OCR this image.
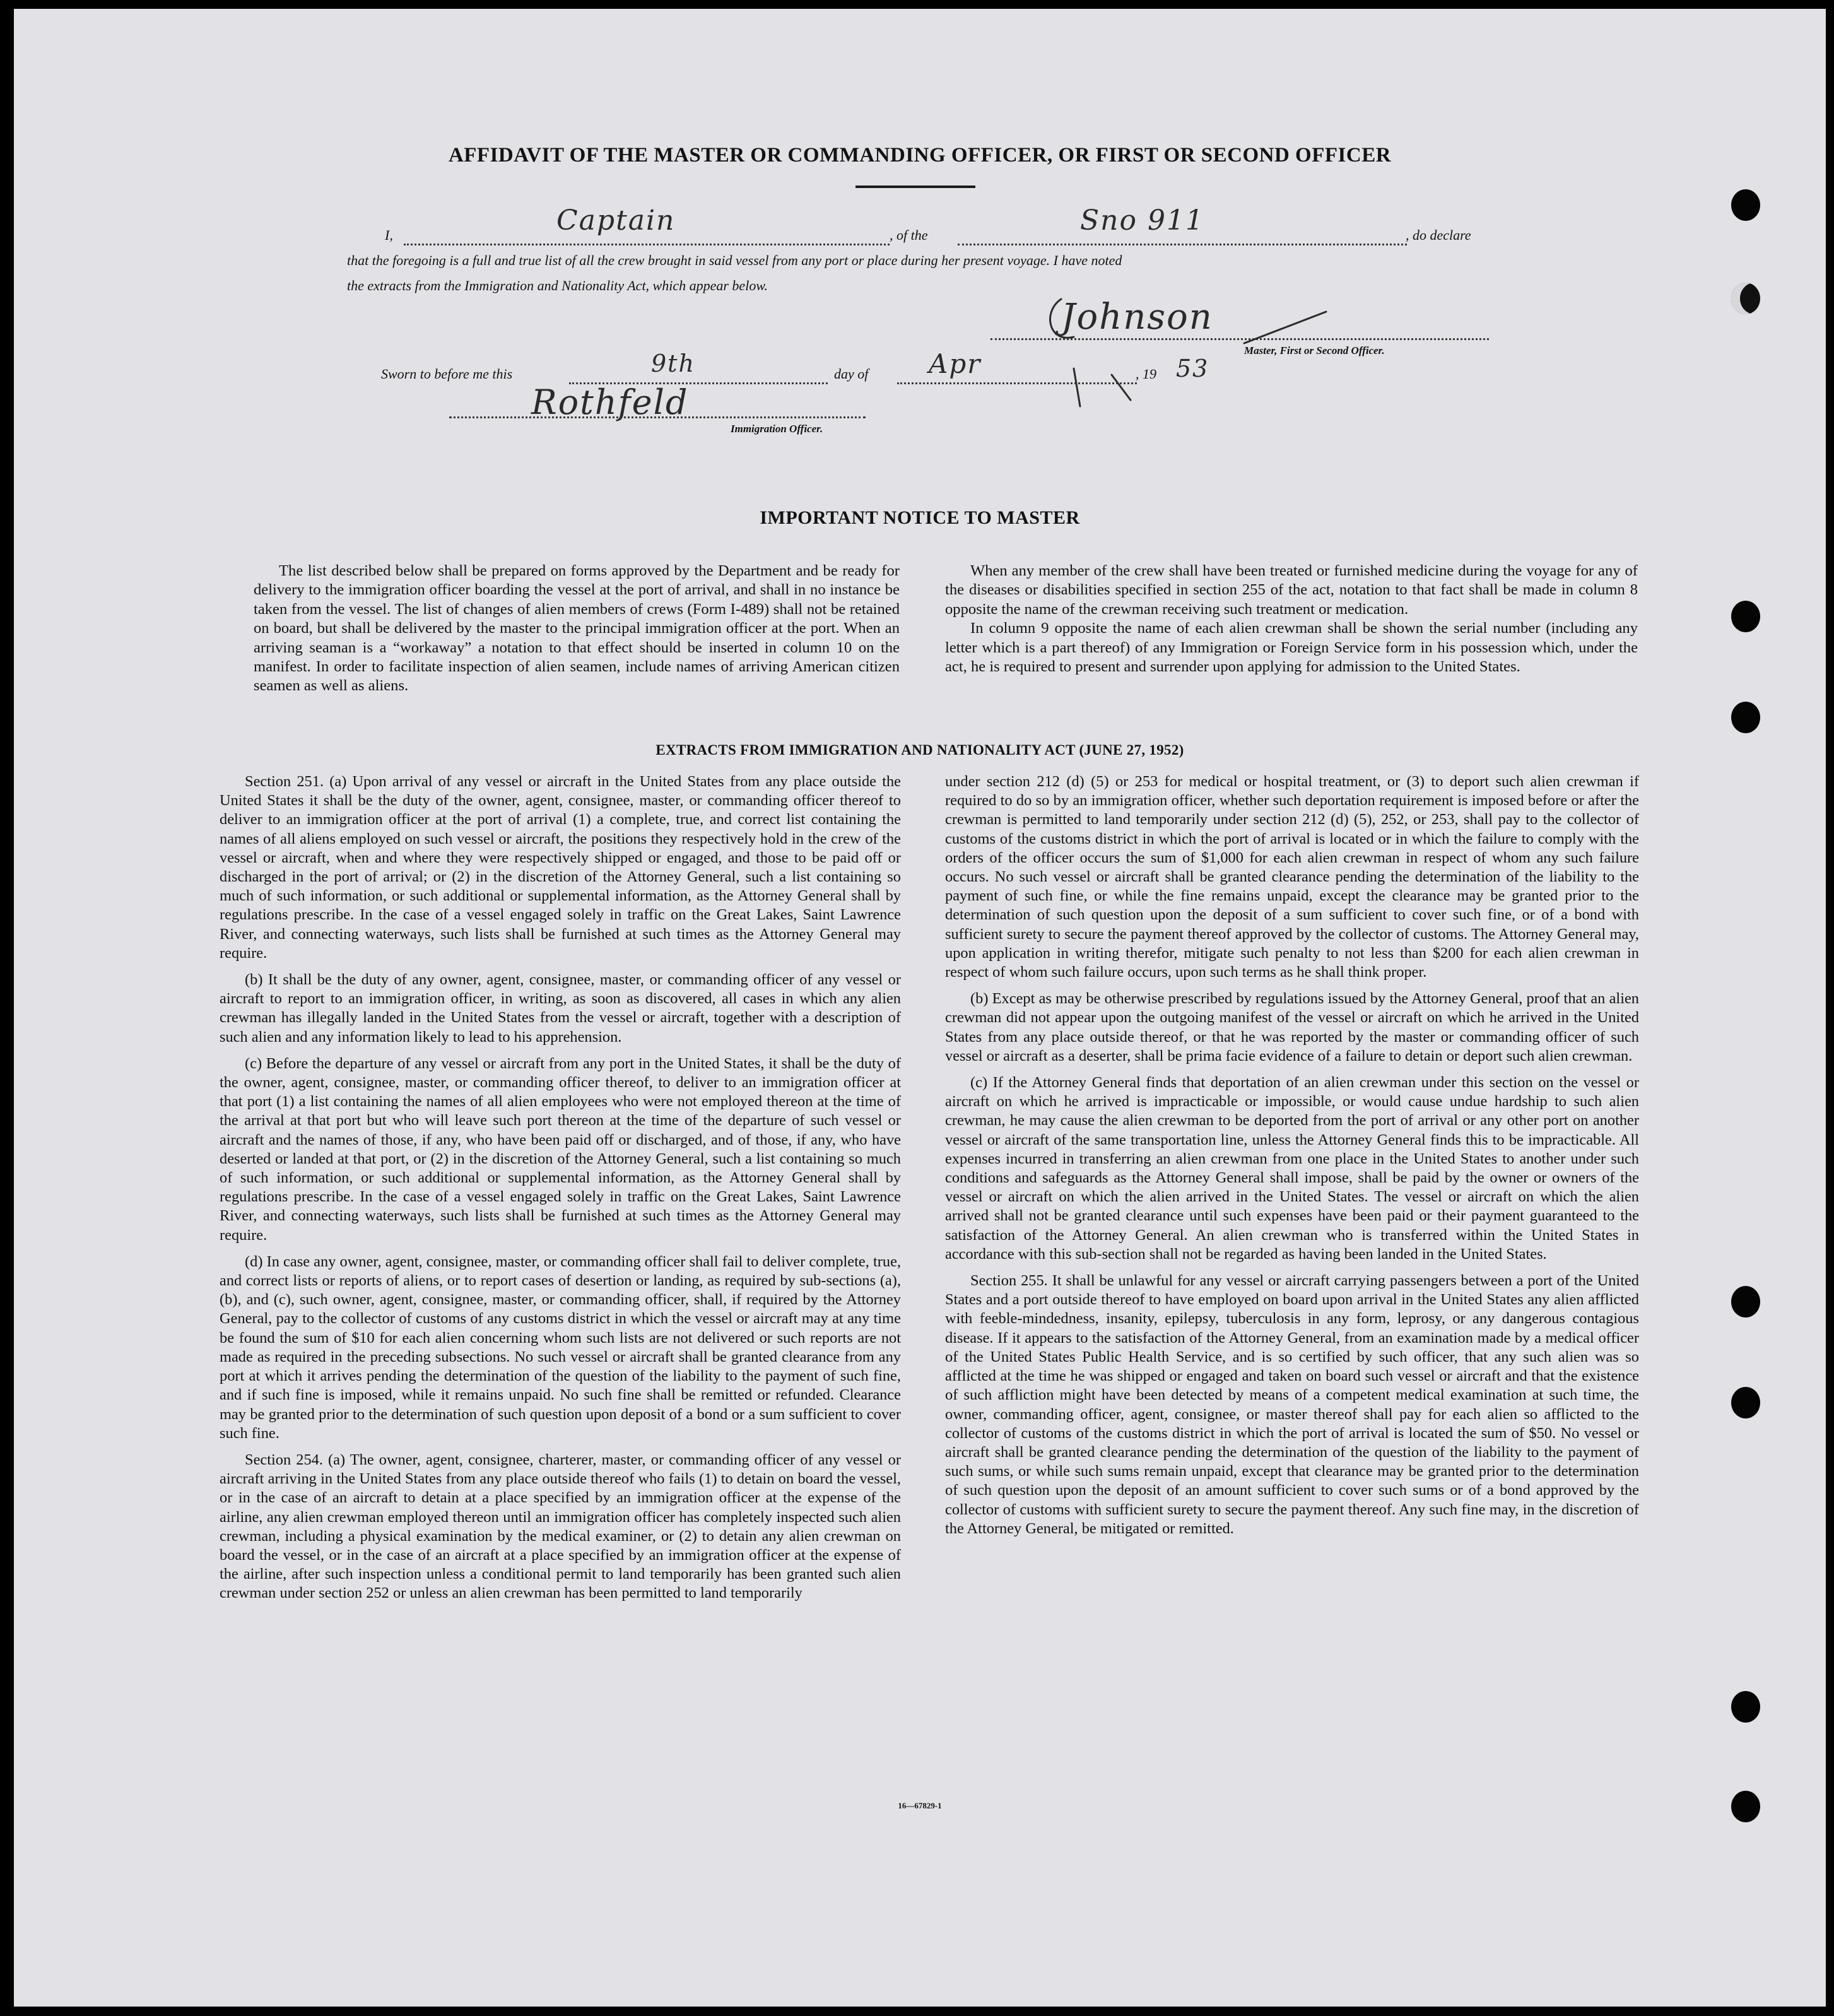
AFFIDAVIT OF THE MASTER OR COMMANDING OFFICER, OR FIRST OR SECOND OFFICER
I,	Captain	, of the	Sno 911	, do declare
that the foregoing is a full and true list of all the crew brought in said vessel from any port or place during her present voyage. I have noted
the extracts from the Immigration and Nationality Act, which appear below.
Johnson
Master, First or Second Officer.
Sworn to before me this	9th	day of Apr	, 19 53
Rothfeld
Immigration Officer.
IMPORTANT NOTICE TO MASTER

The list described below shall be prepared on forms approved by the Department and be ready for delivery to the immigration officer boarding the vessel at the port of arrival, and shall in no instance be taken from the vessel. The list of changes of alien members of crews (Form I-489) shall not be retained on board, but shall be delivered by the master to the principal immigration officer at the port. When an arriving seaman is a “workaway” a notation to that effect should be inserted in column 10 on the manifest. In order to facilitate inspection of alien seamen, include names of arriving American citizen seamen as well as aliens.

When any member of the crew shall have been treated or furnished medicine during the voyage for any of the diseases or disabilities specified in section 255 of the act, notation to that fact shall be made in column 8 opposite the name of the crewman receiving such treatment or medication.

In column 9 opposite the name of each alien crewman shall be shown the serial number (including any letter which is a part thereof) of any Immigration or Foreign Service form in his possession which, under the act, he is required to present and surrender upon applying for admission to the United States.

EXTRACTS FROM IMMIGRATION AND NATIONALITY ACT (JUNE 27, 1952)

Section 251. (a) Upon arrival of any vessel or aircraft in the United States from any place outside the United States it shall be the duty of the owner, agent, consignee, master, or commanding officer thereof to deliver to an immigration officer at the port of arrival (1) a complete, true, and correct list containing the names of all aliens employed on such vessel or aircraft, the positions they respectively hold in the crew of the vessel or aircraft, when and where they were respectively shipped or engaged, and those to be paid off or discharged in the port of arrival; or (2) in the discretion of the Attorney General, such a list containing so much of such information, or such additional or supplemental information, as the Attorney General shall by regulations prescribe. In the case of a vessel engaged solely in traffic on the Great Lakes, Saint Lawrence River, and connecting waterways, such lists shall be furnished at such times as the Attorney General may require.

(b) It shall be the duty of any owner, agent, consignee, master, or commanding officer of any vessel or aircraft to report to an immigration officer, in writing, as soon as discovered, all cases in which any alien crewman has illegally landed in the United States from the vessel or aircraft, together with a description of such alien and any information likely to lead to his apprehension.

(c) Before the departure of any vessel or aircraft from any port in the United States, it shall be the duty of the owner, agent, consignee, master, or commanding officer thereof, to deliver to an immigration officer at that port (1) a list containing the names of all alien employees who were not employed thereon at the time of the arrival at that port but who will leave such port thereon at the time of the departure of such vessel or aircraft and the names of those, if any, who have been paid off or discharged, and of those, if any, who have deserted or landed at that port, or (2) in the discretion of the Attorney General, such a list containing so much of such information, or such additional or supplemental information, as the Attorney General shall by regulations prescribe. In the case of a vessel engaged solely in traffic on the Great Lakes, Saint Lawrence River, and connecting waterways, such lists shall be furnished at such times as the Attorney General may require.

(d) In case any owner, agent, consignee, master, or commanding officer shall fail to deliver complete, true, and correct lists or reports of aliens, or to report cases of desertion or landing, as required by sub-sections (a), (b), and (c), such owner, agent, consignee, master, or commanding officer, shall, if required by the Attorney General, pay to the collector of customs of any customs district in which the vessel or aircraft may at any time be found the sum of $10 for each alien concerning whom such lists are not delivered or such reports are not made as required in the preceding subsections. No such vessel or aircraft shall be granted clearance from any port at which it arrives pending the determination of the question of the liability to the payment of such fine, and if such fine is imposed, while it remains unpaid. No such fine shall be remitted or refunded. Clearance may be granted prior to the determination of such question upon deposit of a bond or a sum sufficient to cover such fine.

Section 254. (a) The owner, agent, consignee, charterer, master, or commanding officer of any vessel or aircraft arriving in the United States from any place outside thereof who fails (1) to detain on board the vessel, or in the case of an aircraft to detain at a place specified by an immigration officer at the expense of the airline, any alien crewman employed thereon until an immigration officer has completely inspected such alien crewman, including a physical examination by the medical examiner, or (2) to detain any alien crewman on board the vessel, or in the case of an aircraft at a place specified by an immigration officer at the expense of the airline, after such inspection unless a conditional permit to land temporarily has been granted such alien crewman under section 252 or unless an alien crewman has been permitted to land temporarily

under section 212 (d) (5) or 253 for medical or hospital treatment, or (3) to deport such alien crewman if required to do so by an immigration officer, whether such deportation requirement is imposed before or after the crewman is permitted to land temporarily under section 212 (d) (5), 252, or 253, shall pay to the collector of customs of the customs district in which the port of arrival is located or in which the failure to comply with the orders of the officer occurs the sum of $1,000 for each alien crewman in respect of whom any such failure occurs. No such vessel or aircraft shall be granted clearance pending the determination of the liability to the payment of such fine, or while the fine remains unpaid, except the clearance may be granted prior to the determination of such question upon the deposit of a sum sufficient to cover such fine, or of a bond with sufficient surety to secure the payment thereof approved by the collector of customs. The Attorney General may, upon application in writing therefor, mitigate such penalty to not less than $200 for each alien crewman in respect of whom such failure occurs, upon such terms as he shall think proper.

(b) Except as may be otherwise prescribed by regulations issued by the Attorney General, proof that an alien crewman did not appear upon the outgoing manifest of the vessel or aircraft on which he arrived in the United States from any place outside thereof, or that he was reported by the master or commanding officer of such vessel or aircraft as a deserter, shall be prima facie evidence of a failure to detain or deport such alien crewman.

(c) If the Attorney General finds that deportation of an alien crewman under this section on the vessel or aircraft on which he arrived is impracticable or impossible, or would cause undue hardship to such alien crewman, he may cause the alien crewman to be deported from the port of arrival or any other port on another vessel or aircraft of the same transportation line, unless the Attorney General finds this to be impracticable. All expenses incurred in transferring an alien crewman from one place in the United States to another under such conditions and safeguards as the Attorney General shall impose, shall be paid by the owner or owners of the vessel or aircraft on which the alien arrived in the United States. The vessel or aircraft on which the alien arrived shall not be granted clearance until such expenses have been paid or their payment guaranteed to the satisfaction of the Attorney General. An alien crewman who is transferred within the United States in accordance with this sub-section shall not be regarded as having been landed in the United States.

Section 255. It shall be unlawful for any vessel or aircraft carrying passengers between a port of the United States and a port outside thereof to have employed on board upon arrival in the United States any alien afflicted with feeble-mindedness, insanity, epilepsy, tuberculosis in any form, leprosy, or any dangerous contagious disease. If it appears to the satisfaction of the Attorney General, from an examination made by a medical officer of the United States Public Health Service, and is so certified by such officer, that any such alien was so afflicted at the time he was shipped or engaged and taken on board such vessel or aircraft and that the existence of such affliction might have been detected by means of a competent medical examination at such time, the owner, commanding officer, agent, consignee, or master thereof shall pay for each alien so afflicted to the collector of customs of the customs district in which the port of arrival is located the sum of $50. No vessel or aircraft shall be granted clearance pending the determination of the question of the liability to the payment of such sums, or while such sums remain unpaid, except that clearance may be granted prior to the determination of such question upon the deposit of an amount sufficient to cover such sums or of a bond approved by the collector of customs with sufficient surety to secure the payment thereof. Any such fine may, in the discretion of the Attorney General, be mitigated or remitted.

16—67829-1
